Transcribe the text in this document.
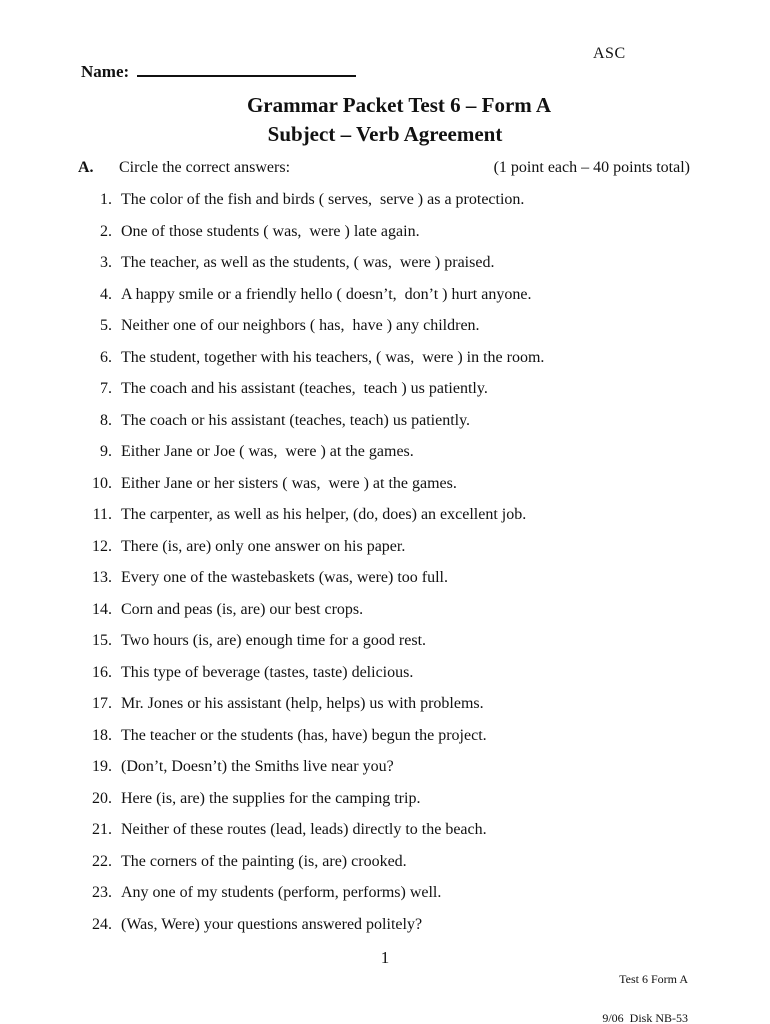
ASC
Name:
Grammar Packet Test 6 – Form A
Subject – Verb Agreement
A.	Circle the correct answers:	(1 point each – 40 points total)
1. The color of the fish and birds ( serves,  serve ) as a protection.
2. One of those students ( was,  were ) late again.
3. The teacher, as well as the students, ( was,  were ) praised.
4. A happy smile or a friendly hello ( doesn’t,  don’t ) hurt anyone.
5. Neither one of our neighbors ( has,  have ) any children.
6. The student, together with his teachers, ( was,  were ) in the room.
7. The coach and his assistant (teaches,  teach ) us patiently.
8. The coach or his assistant (teaches, teach) us patiently.
9. Either Jane or Joe ( was,  were ) at the games.
10. Either Jane or her sisters ( was,  were ) at the games.
11. The carpenter, as well as his helper, (do, does) an excellent job.
12. There (is, are) only one answer on his paper.
13. Every one of the wastebaskets (was, were) too full.
14. Corn and peas (is, are) our best crops.
15. Two hours (is, are) enough time for a good rest.
16. This type of beverage (tastes, taste) delicious.
17. Mr. Jones or his assistant (help, helps) us with problems.
18. The teacher or the students (has, have) begun the project.
19. (Don’t, Doesn’t) the Smiths live near you?
20. Here (is, are) the supplies for the camping trip.
21. Neither of these routes (lead, leads) directly to the beach.
22. The corners of the painting (is, are) crooked.
23. Any one of my students (perform, performs) well.
24. (Was, Were) your questions answered politely?
1

Test 6 Form A

9/06  Disk NB-53
